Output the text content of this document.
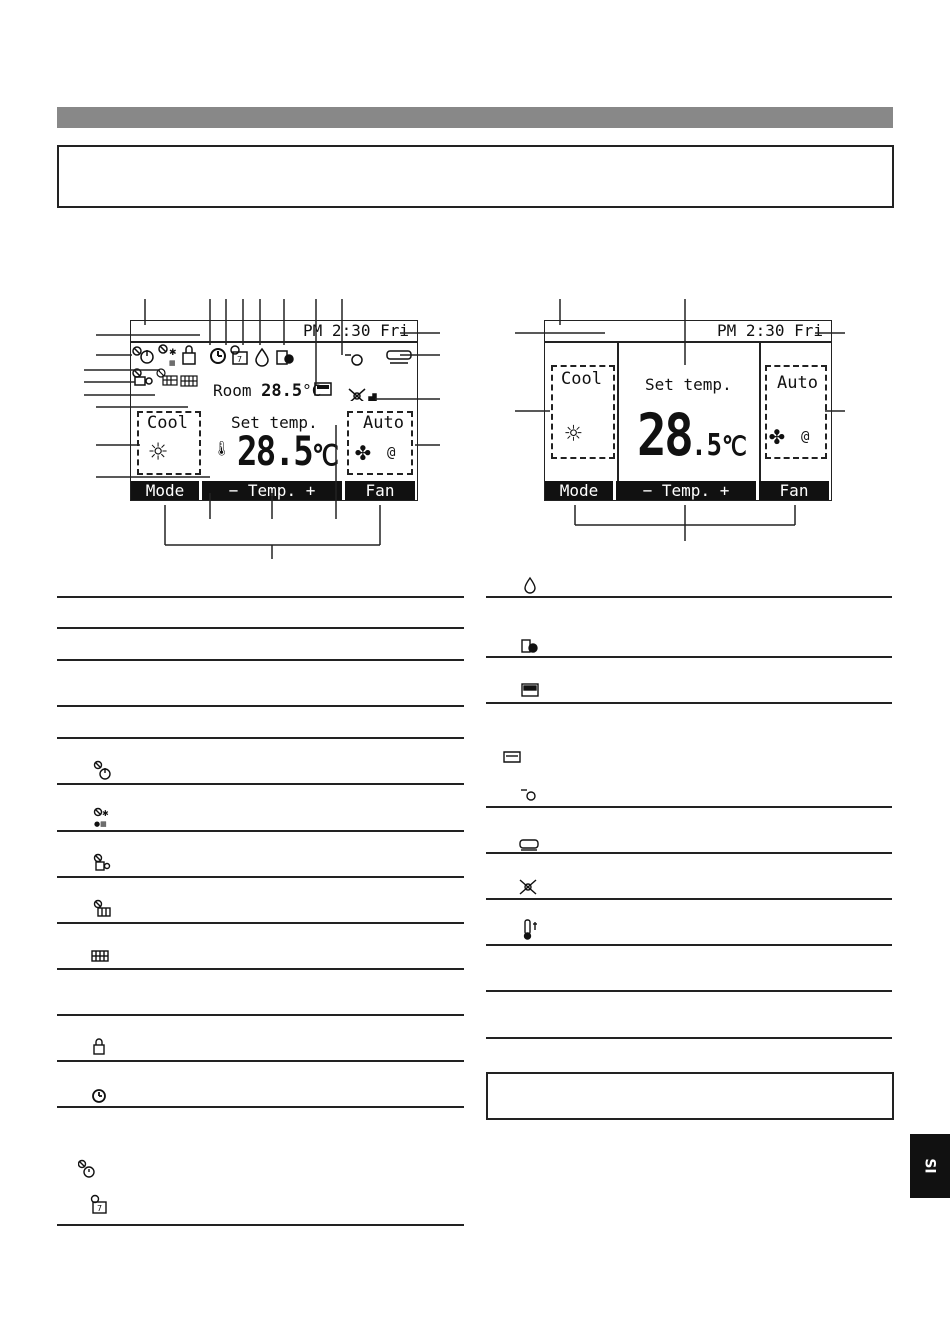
PM 2:30 Fri
✱
▦	7
Room 28.5°C
Cool
☼
Set temp.
🌡 28.5℃
Auto
✤ @
Mode	− Temp. +	Fan
PM 2:30 Fri
Cool
☼
Set temp.
28.5℃
Auto
✤ @
Mode	− Temp. +	Fan
✱
●▦
7
SI
